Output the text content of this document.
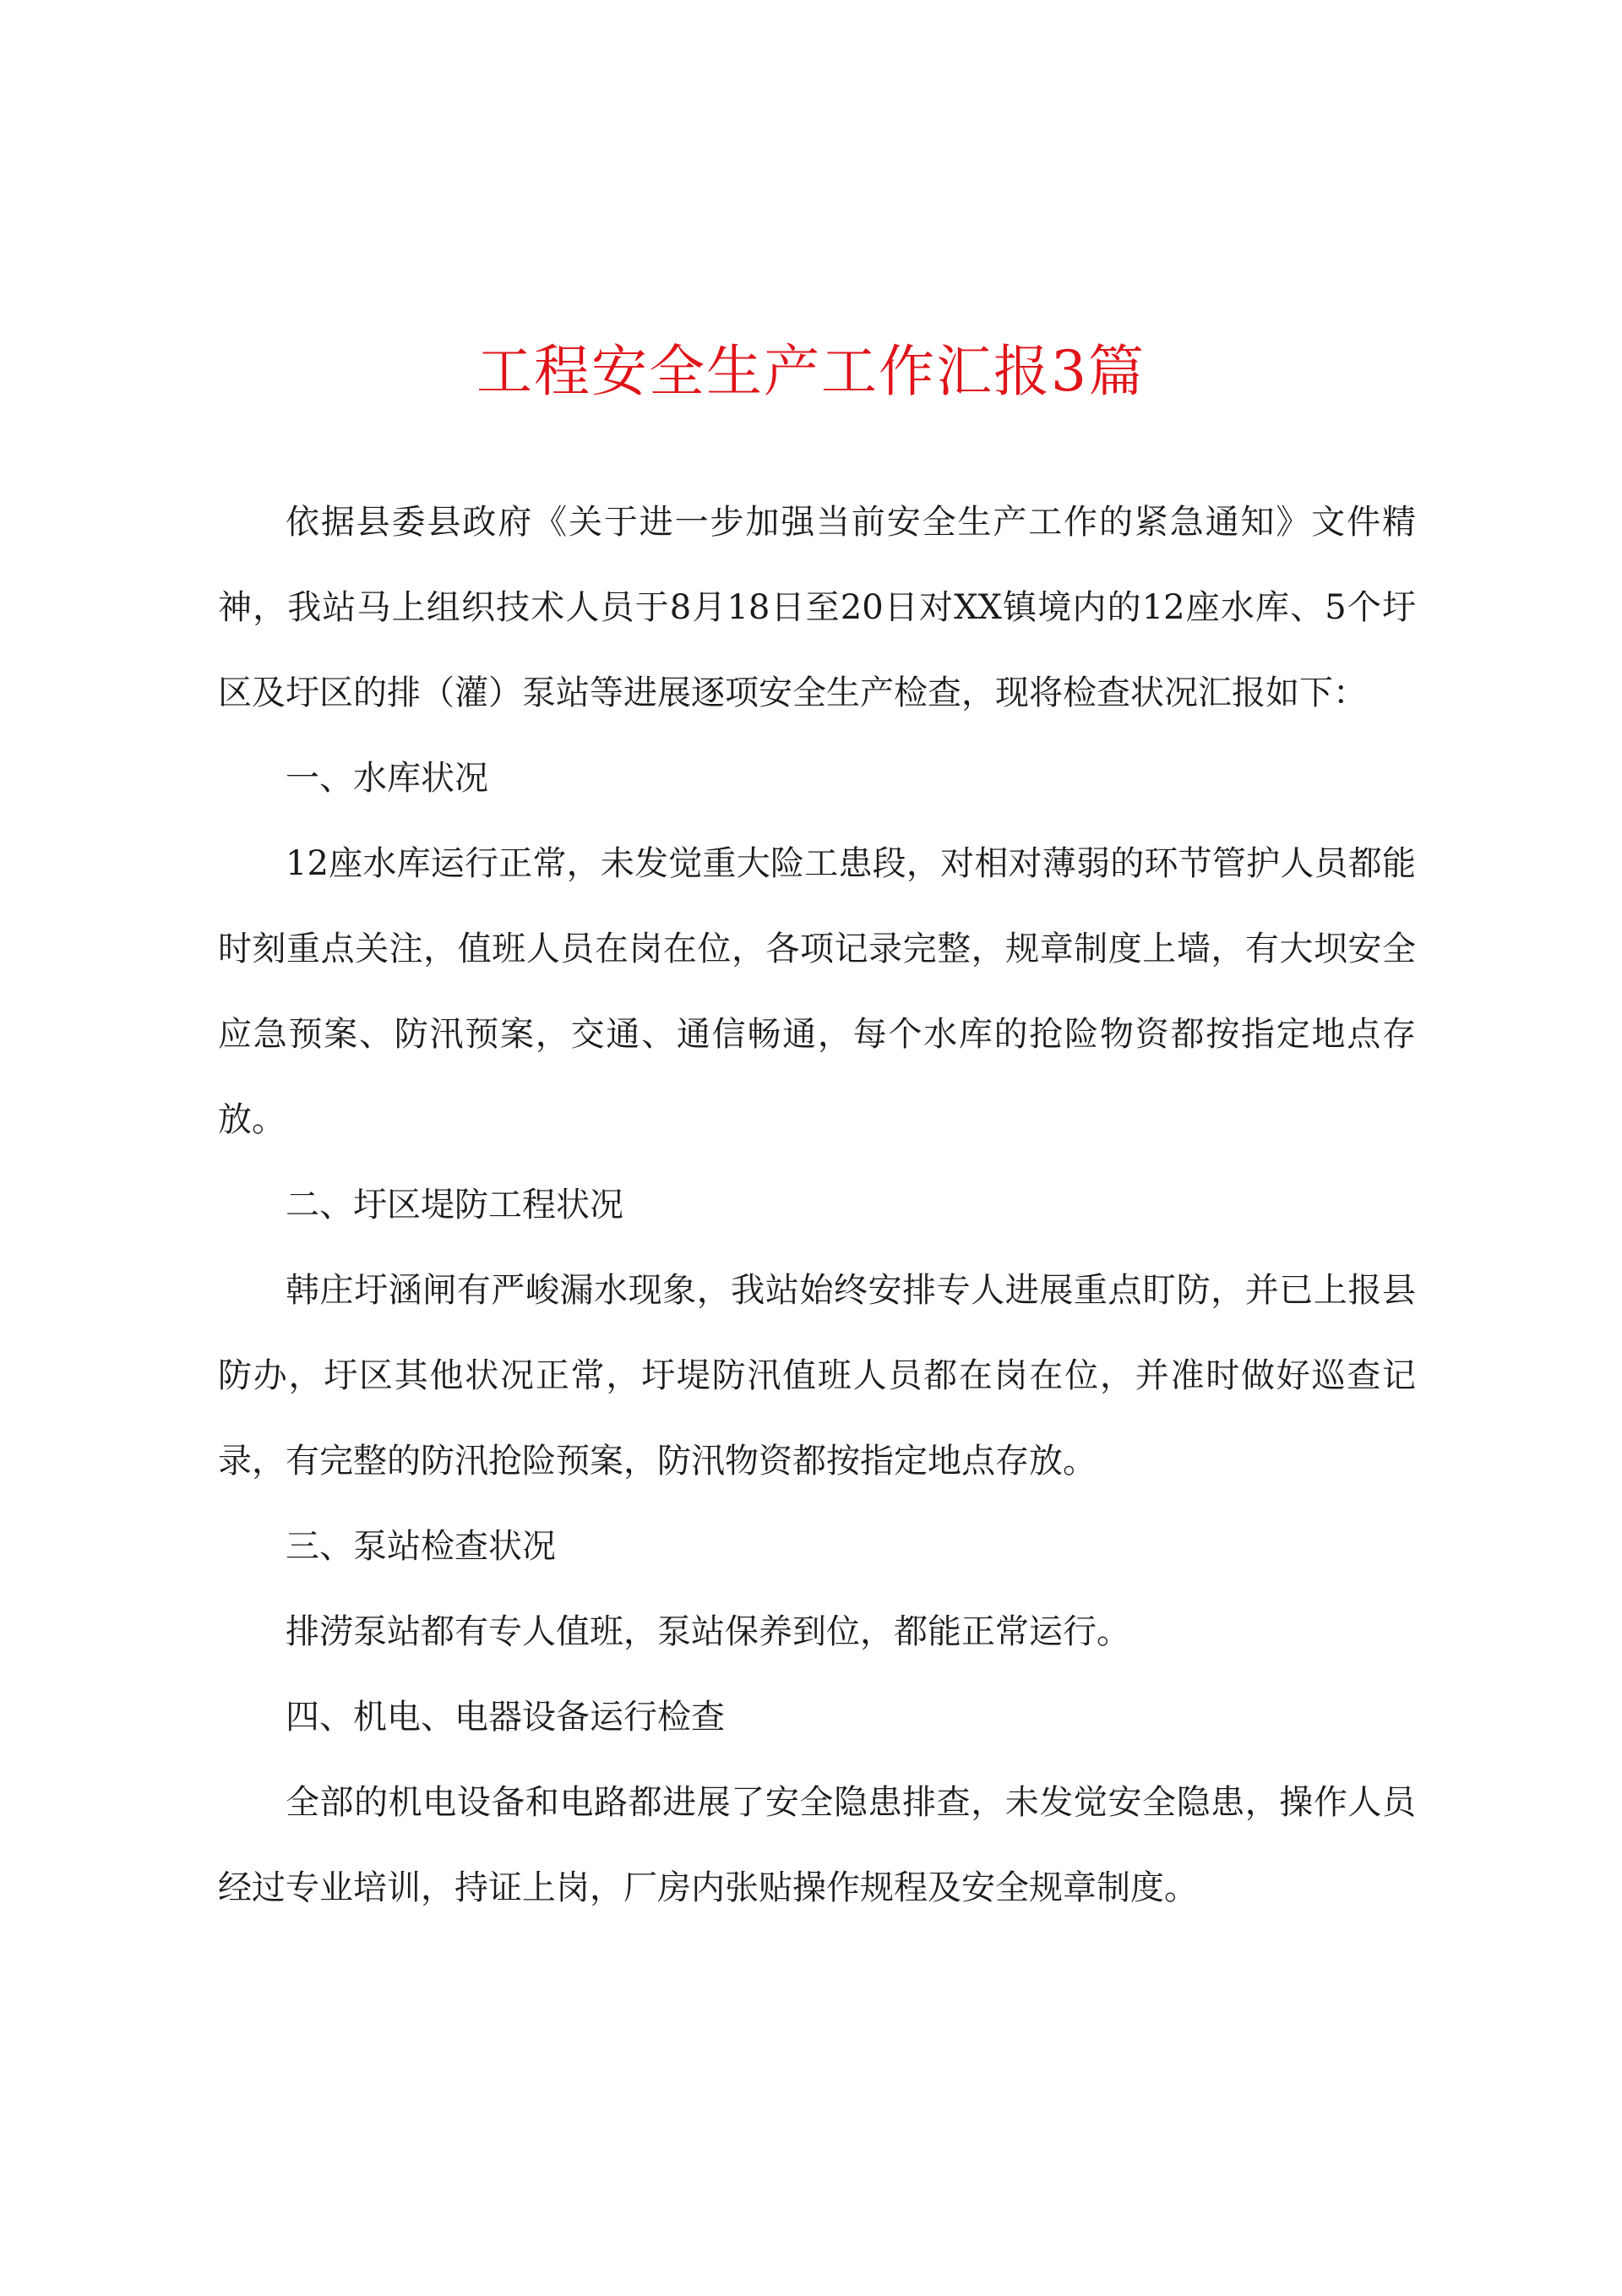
工程安全生产工作汇报3篇

依据县委县政府《关于进一步加强当前安全生产工作的紧急通知》文件精神，我站马上组织技术人员于8月18日至20日对XX镇境内的12座水库、5个圩区及圩区的排（灌）泵站等进展逐项安全生产检查，现将检查状况汇报如下：

一、水库状况

12座水库运行正常，未发觉重大险工患段，对相对薄弱的环节管护人员都能时刻重点关注，值班人员在岗在位，各项记录完整，规章制度上墙，有大坝安全应急预案、防汛预案，交通、通信畅通，每个水库的抢险物资都按指定地点存放。

二、圩区堤防工程状况

韩庄圩涵闸有严峻漏水现象，我站始终安排专人进展重点盯防，并已上报县防办，圩区其他状况正常，圩堤防汛值班人员都在岗在位，并准时做好巡查记录，有完整的防汛抢险预案，防汛物资都按指定地点存放。

三、泵站检查状况

排涝泵站都有专人值班，泵站保养到位，都能正常运行。

四、机电、电器设备运行检查

全部的机电设备和电路都进展了安全隐患排查，未发觉安全隐患，操作人员经过专业培训，持证上岗，厂房内张贴操作规程及安全规章制度。
